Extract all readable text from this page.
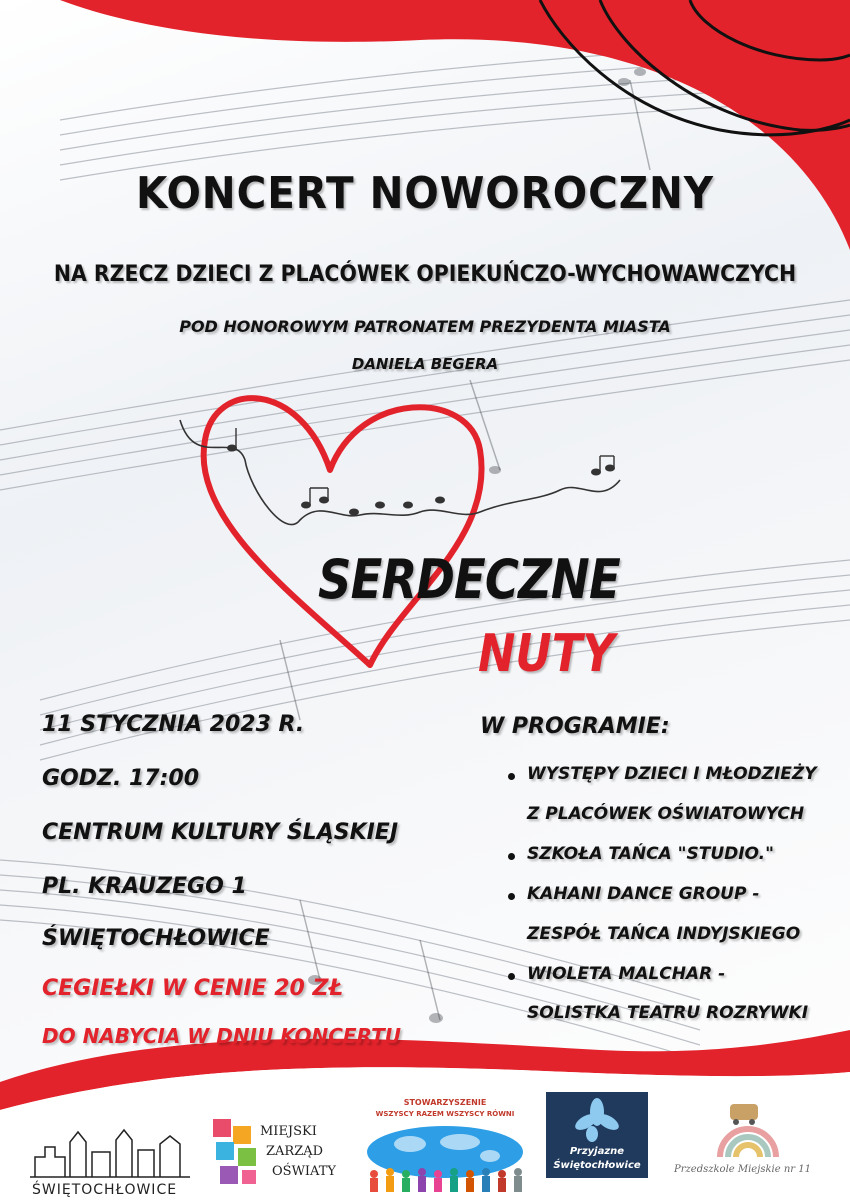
KONCERT NOWOROCZNY
NA RZECZ DZIECI Z PLACÓWEK OPIEKUŃCZO-WYCHOWAWCZYCH
POD HONOROWYM PATRONATEM PREZYDENTA MIASTA
DANIELA BEGERA
SERDECZNE
NUTY
11 STYCZNIA 2023 R.
GODZ. 17:00
CENTRUM KULTURY ŚLĄSKIEJ
PL. KRAUZEGO 1
ŚWIĘTOCHŁOWICE
CEGIEŁKI W CENIE 20 ZŁ
DO NABYCIA W DNIU KONCERTU
W PROGRAMIE:
WYSTĘPY DZIECI I MŁODZIEŻY
Z PLACÓWEK OŚWIATOWYCH
SZKOŁA TAŃCA "STUDIO."
KAHANI DANCE GROUP -
ZESPÓŁ TAŃCA INDYJSKIEGO
WIOLETA MALCHAR -
SOLISTKA TEATRU ROZRYWKI
ŚWIĘTOCHŁOWICE
MIEJSKI
ZARZĄD
OŚWIATY
STOWARZYSZENIE
WSZYSCY RAZEM WSZYSCY RÓWNI
Przyjazne
Świętochłowice	Przedszkole Miejskie nr 11
